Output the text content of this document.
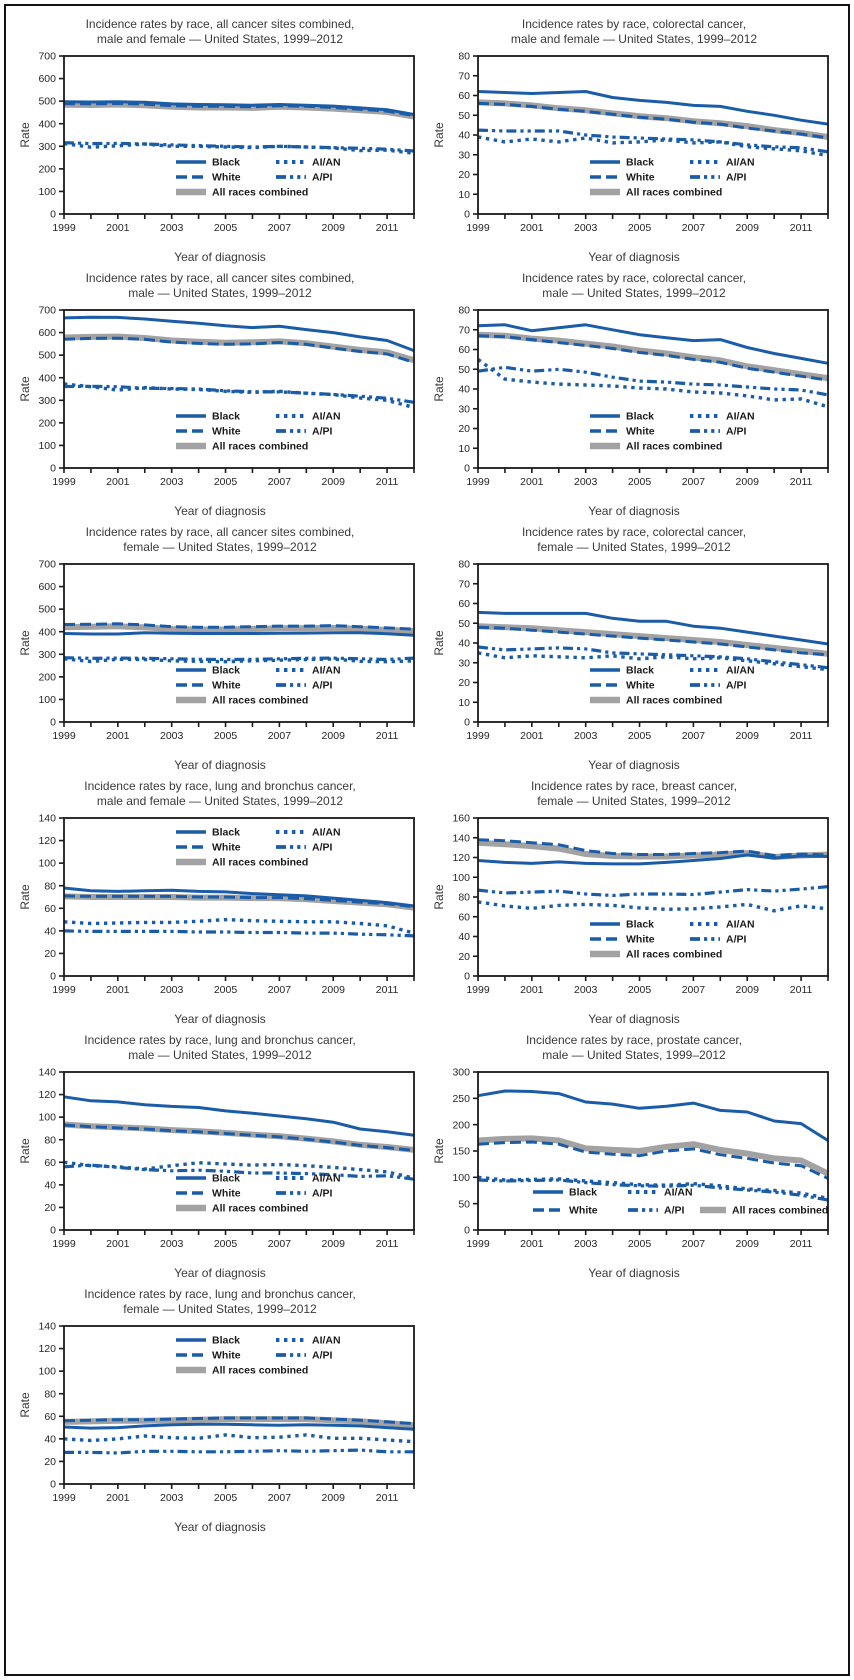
Incidence rates by race, all cancer sites combined,
male and female — United States, 1999–2012
0
100
200
300
400
500
600
700
1999	2001	2003	2005	2007	2009	2011
Rate
Black
White
All races combined
AI/AN
A/PI
Year of diagnosis
Incidence rates by race, colorectal cancer,
male and female — United States, 1999–2012
0
10
20
30
40
50
60
70
80
1999	2001	2003	2005	2007	2009	2011
Rate
Black
White
All races combined
AI/AN
A/PI
Year of diagnosis
Incidence rates by race, all cancer sites combined,
male — United States, 1999–2012
0
100
200
300
400
500
600
700
1999	2001	2003	2005	2007	2009	2011
Rate
Black
White
All races combined
AI/AN
A/PI
Year of diagnosis
Incidence rates by race, colorectal cancer,
male — United States, 1999–2012
0
10
20
30
40
50
60
70
80
1999	2001	2003	2005	2007	2009	2011
Rate
Black
White
All races combined
AI/AN
A/PI
Year of diagnosis
Incidence rates by race, all cancer sites combined,
female — United States, 1999–2012
0
100
200
300
400
500
600
700
1999	2001	2003	2005	2007	2009	2011
Rate
Black
White
All races combined
AI/AN
A/PI
Year of diagnosis
Incidence rates by race, colorectal cancer,
female — United States, 1999–2012
0
10
20
30
40
50
60
70
80
1999	2001	2003	2005	2007	2009	2011
Rate
Black
White
All races combined
AI/AN
A/PI
Year of diagnosis
Incidence rates by race, lung and bronchus cancer,
male and female — United States, 1999–2012
0
20
40
60
80
100
120
140
1999	2001	2003	2005	2007	2009	2011
Rate
Black
White
All races combined
AI/AN
A/PI
Year of diagnosis
Incidence rates by race, breast cancer,
female — United States, 1999–2012
0
20
40
60
80
100
120
140
160
1999	2001	2003	2005	2007	2009	2011
Rate
Black
White
All races combined
AI/AN
A/PI
Year of diagnosis
Incidence rates by race, lung and bronchus cancer,
male — United States, 1999–2012
0
20
40
60
80
100
120
140
1999	2001	2003	2005	2007	2009	2011
Rate
Black
White
All races combined
AI/AN
A/PI
Year of diagnosis
Incidence rates by race, prostate cancer,
male — United States, 1999–2012
0
50
100
150
200
250
300
1999	2001	2003	2005	2007	2009	2011
Rate
Black
White
AI/AN
A/PI	All races combined
Year of diagnosis
Incidence rates by race, lung and bronchus cancer,
female — United States, 1999–2012
0
20
40
60
80
100
120
140
1999	2001	2003	2005	2007	2009	2011
Rate
Black
White
All races combined
AI/AN
A/PI
Year of diagnosis
